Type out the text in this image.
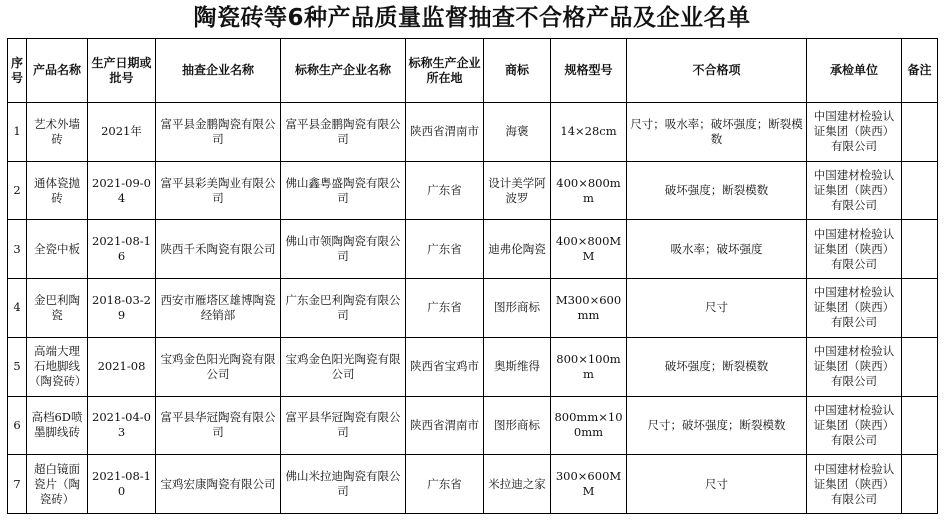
陶瓷砖等6种产品质量监督抽查不合格产品及企业名单
序号	产品名称	生产日期或批号	抽查企业名称	标称生产企业名称	标称生产企业所在地	商标	规格型号	不合格项	承检单位	备注
1	艺术外墙砖	2021年	富平县金鹏陶瓷有限公司	富平县金鹏陶瓷有限公司	陕西省渭南市	海褒	14×28cm	尺寸；吸水率；破坏强度；断裂模数	中国建材检验认证集团（陕西）有限公司	
2	通体瓷抛砖	2021-09-04	富平县彩美陶业有限公司	佛山鑫粤盛陶瓷有限公司	广东省	设计美学阿波罗	400×800mm	破坏强度；断裂模数	中国建材检验认证集团（陕西）有限公司	
3	全瓷中板	2021-08-16	陕西千禾陶瓷有限公司	佛山市领陶陶瓷有限公司	广东省	迪弗伦陶瓷	400×800MM	吸水率；破坏强度	中国建材检验认证集团（陕西）有限公司	
4	金巴利陶瓷	2018-03-29	西安市雁塔区雄博陶瓷经销部	广东金巴利陶瓷有限公司	广东省	图形商标	M300×600mm	尺寸	中国建材检验认证集团（陕西）有限公司	
5	高端大理石地脚线（陶瓷砖）	2021-08	宝鸡金色阳光陶瓷有限公司	宝鸡金色阳光陶瓷有限公司	陕西省宝鸡市	奥斯维得	800×100mm	破坏强度；断裂模数	中国建材检验认证集团（陕西）有限公司	
6	高档6D喷墨脚线砖	2021-04-03	富平县华冠陶瓷有限公司	富平县华冠陶瓷有限公司	陕西省渭南市	图形商标	800mm×100mm	尺寸；破坏强度；断裂模数	中国建材检验认证集团（陕西）有限公司	
7	超白镜面瓷片（陶瓷砖）	2021-08-10	宝鸡宏康陶瓷有限公司	佛山米拉迪陶瓷有限公司	广东省	米拉迪之家	300×600MM	尺寸	中国建材检验认证集团（陕西）有限公司	
